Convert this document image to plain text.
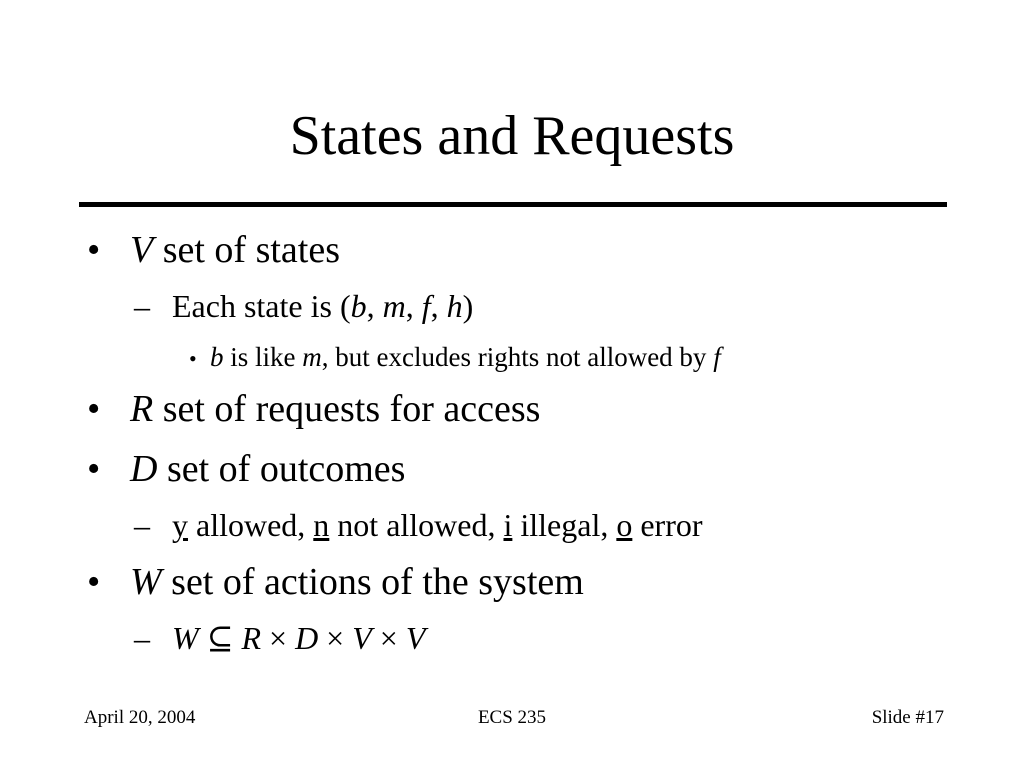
States and Requests
• V set of states
– Each state is (b, m, f, h)
• b is like m, but excludes rights not allowed by f
• R set of requests for access
• D set of outcomes
– y allowed, n not allowed, i illegal, o error
• W set of actions of the system
– W ⊆ R × D × V × V
April 20, 2004	ECS 235	Slide #17
